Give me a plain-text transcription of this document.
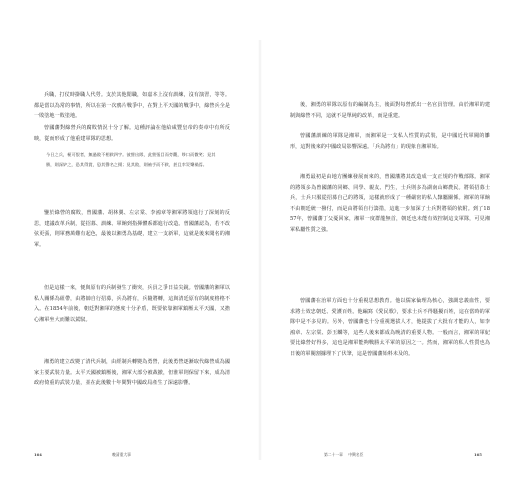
兵職，打仗時掛職人代勞。支於其他閒職，如嘉本上沒有訓練，沒有演習，等等。都是當以為常的事情，所以在第一次鴉片戰爭中，在對上平天國的戰爭中，綠營兵全是一敗塗地一敗塗地。

曾國藩對綠營兵的腐敗情況十分了解。這種評論在他給咸豐皇帝的奏章中有所反映，從而形成了他重建軍隊的思想。

今日之兵，極可恨者，無過敗不相救四字。彼營出隊，此營張目而旁觀，哆口而微笑；見其勝，則深妒之，恐其得賞，恐其聲名之揚；見其敗，則袖手而不救，甚且幸災樂禍焉。

鑒於綠營的腐敗，曾國藩、胡林翼、左宗棠、李鴻章等湘軍將領進行了深刻的反思，建議改革兵制，從招募、訓練、軍餉到指揮體系都進行改造。曾國藩認為，若不改弦更張，則軍務萬難有起色，最後以湘勇為基礎，建立一支新軍，這就是後來聞名的湘軍。

但是這樣一來，便與原有的兵制發生了衝突，兵員之爭日益尖銳。曾國藩的湘軍以私人關係為紐帶，由將帥自行招募，兵為將有，兵隨將轉，這與清廷原有的制度格格不入。在1854年前後，朝廷對湘軍的態度十分矛盾，既要依靠湘軍鎮壓太平天國，又擔心湘軍坐大而難以駕馭。

湘勇的建立改變了清代兵制，由經制兵轉變為勇營，此後勇營逐漸取代綠營成為國家主要武裝力量。太平天國被鎮壓後，湘軍大部分被裁撤，但淮軍則保留下來，成為清政府倚重的武裝力量，並在此後數十年間對中國政局產生了深遠影響。

164	晚清重大事

後，湘勇的軍隊以原有的編制為主，後面對每營派出一名官員管理。由於湘軍的建制與綠營不同，這就不是單純的改革，而是重建。

曾國藩訓練的軍隊是湘軍，而湘軍是一支私人性質的武裝，是中國近代軍閥的雛形，這對後來的中國政局影響深遠。「兵為將有」的現象自湘軍始。

湘勇最初是由地方團練發展而來的，曾國藩將其改造成一支正規的作戰部隊。湘軍的將領多為曾國藩的同鄉、同學、親友、門生，士兵則多為湖南山鄉農民。將領招募士兵，士兵只服從招募自己的將領，這樣就形成了一種嚴密的私人隸屬關係。湘軍的軍餉不由朝廷統一撥付，而是由將領自行籌措，這進一步加深了士兵對將領的依附。到了1857年，曾國藩丁父憂回家，湘軍一度群龍無首，朝廷也未能有效控制這支軍隊，可見湘軍私屬性質之強。

曾國藩在治軍方面也十分重視思想教育。他以儒家倫理為核心，強調忠義血性，要求將士效忠朝廷、愛護百姓。他編寫《愛民歌》，要求士兵不得騷擾百姓，這在當時的軍隊中是不多見的。另外，曾國藩也十分重視選拔人才，他提拔了大批有才能的人，如李鴻章、左宗棠、彭玉麟等，這些人後來都成為晚清的重要人物。一般而言，湘軍的軍紀要比綠營好得多，這也是湘軍能夠戰勝太平軍的原因之一。然而，湘軍的私人性質也為日後的軍閥割據埋下了伏筆，這是曾國藩始料未及的。

第二十一章 中興名臣	165
